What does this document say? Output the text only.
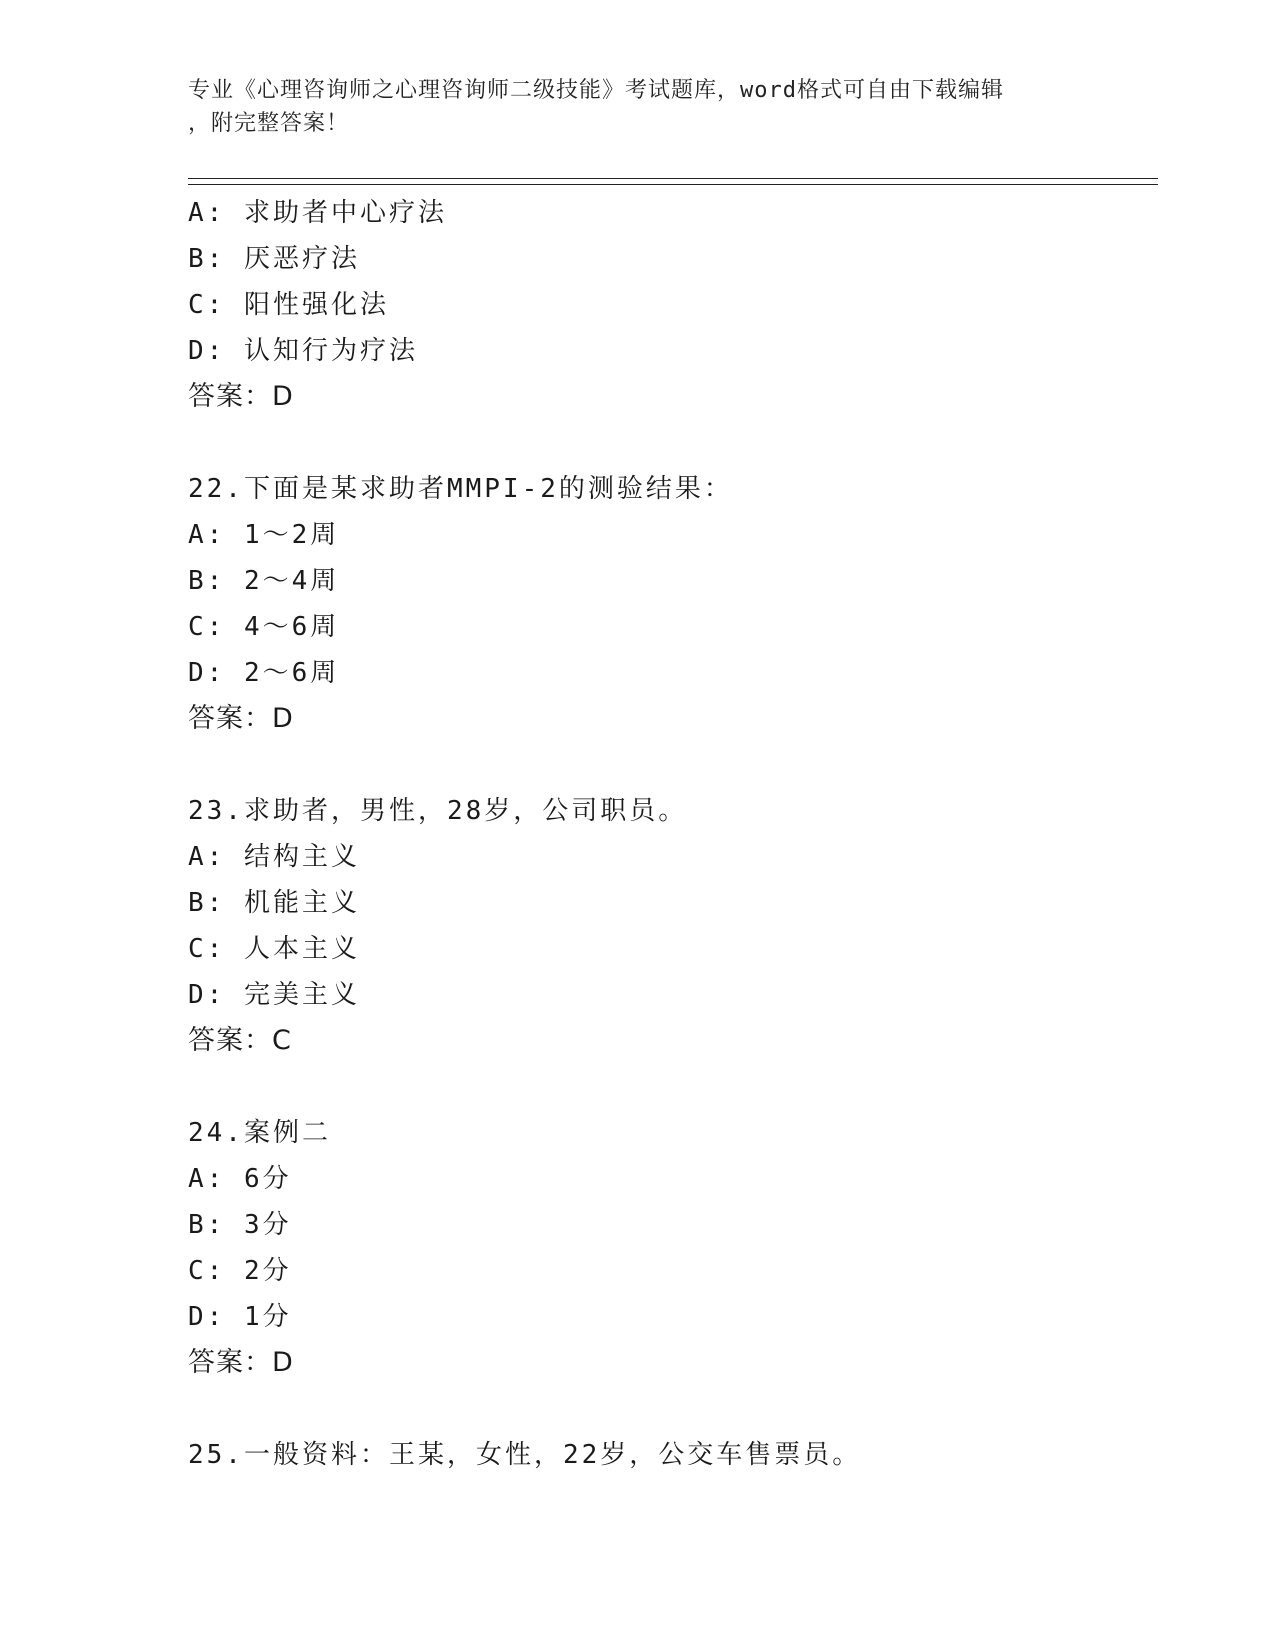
专业《心理咨询师之心理咨询师二级技能》考试题库，word格式可自由下载编辑
，附完整答案！
A: 求助者中心疗法
B: 厌恶疗法
C: 阳性强化法
D: 认知行为疗法
答案：D
22.下面是某求助者MMPI-2的测验结果：
A: 1～2周
B: 2～4周
C: 4～6周
D: 2～6周
答案：D
23.求助者，男性，28岁，公司职员。
A: 结构主义
B: 机能主义
C: 人本主义
D: 完美主义
答案：C
24.案例二
A: 6分
B: 3分
C: 2分
D: 1分
答案：D
25.一般资料：王某，女性，22岁，公交车售票员。
